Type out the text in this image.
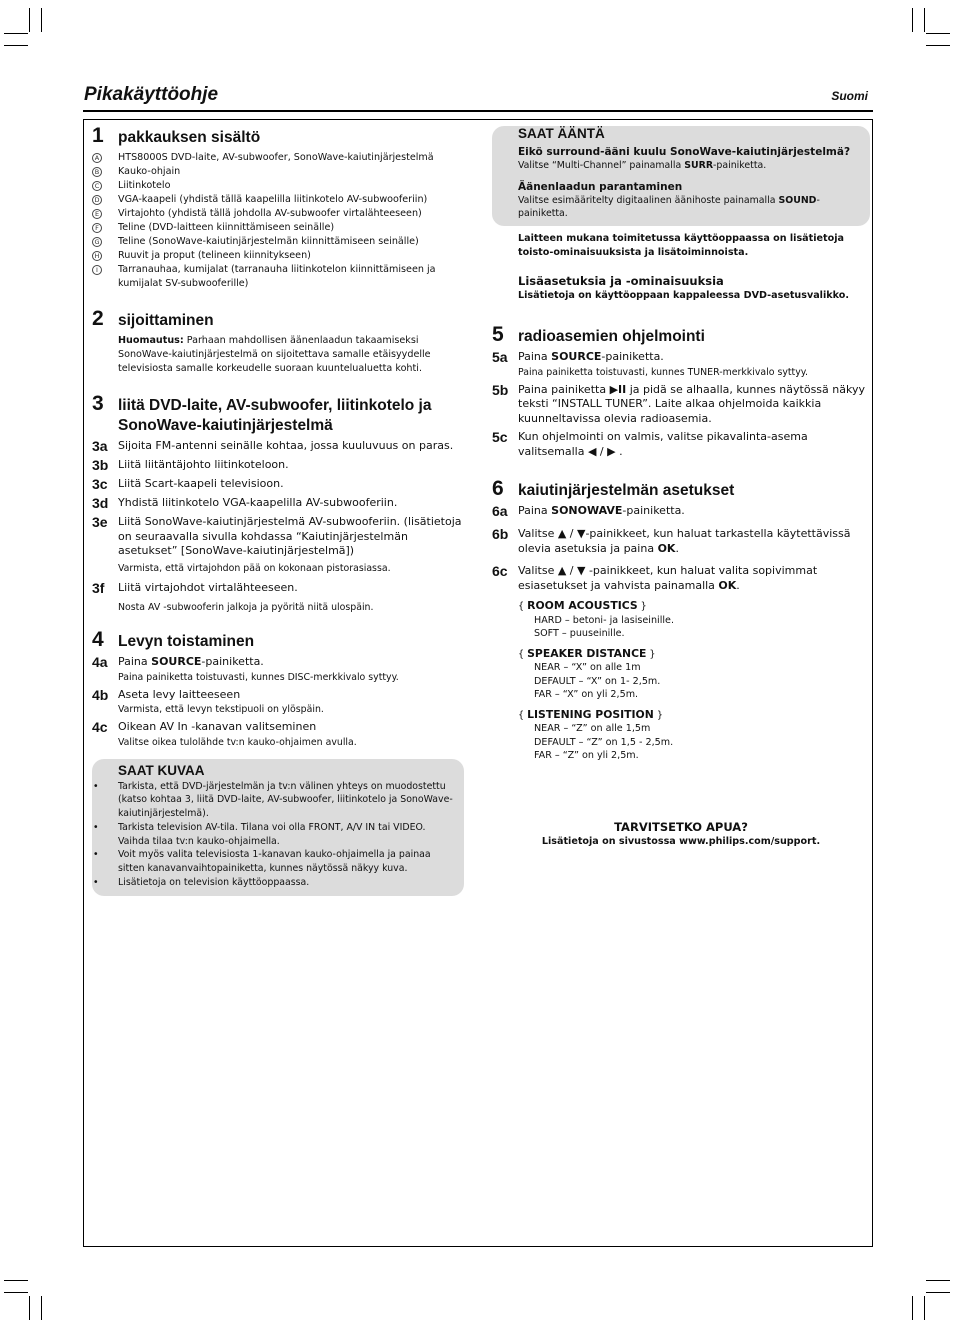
Pikakäyttöohje	Suomi
1 pakkauksen sisältö
A HTS8000S DVD-laite, AV-subwoofer, SonoWave-kaiutinjärjestelmä
B Kauko-ohjain
C Liitinkotelo
D VGA-kaapeli (yhdistä tällä kaapelilla liitinkotelo AV-subwooferiin)
E	Virtajohto (yhdistä tällä johdolla AV-subwoofer virtalähteeseen)
F	Teline (DVD-laitteen kiinnittämiseen seinälle)
G Teline (SonoWave-kaiutinjärjestelmän kiinnittämiseen seinälle)
H Ruuvit ja proput (telineen kiinnitykseen)
I	Tarranauhaa, kumijalat (tarranauha liitinkotelon kiinnittämiseen ja kumijalat SV-subwooferille)
2 sijoittaminen
Huomautus: Parhaan mahdollisen äänenlaadun takaamiseksi SonoWave-kaiutinjärjestelmä on sijoitettava samalle etäisyydelle televisiosta samalle korkeudelle suoraan kuuntelualuetta kohti.
3 liitä DVD-laite, AV-subwoofer, liitinkotelo ja SonoWave-kaiutinjärjestelmä
3a Sijoita FM-antenni seinälle kohtaa, jossa kuuluvuus on paras.
3b Liitä liitäntäjohto liitinkoteloon.
3c Liitä Scart-kaapeli televisioon.
3d Yhdistä liitinkotelo VGA-kaapelilla AV-subwooferiin.
3e Liitä SonoWave-kaiutinjärjestelmä AV-subwooferiin. (lisätietoja on seuraavalla sivulla kohdassa “Kaiutinjärjestelmän asetukset” [SonoWave-kaiutinjärjestelmä])
Varmista, että virtajohdon pää on kokonaan pistorasiassa.
3f	Liitä virtajohdot virtalähteeseen.
Nosta AV -subwooferin jalkoja ja pyöritä niitä ulospäin.
4 Levyn toistaminen
4a Paina SOURCE-painiketta.
Paina painiketta toistuvasti, kunnes DISC-merkkivalo syttyy.
4b Aseta levy laitteeseen
Varmista, että levyn tekstipuoli on ylöspäin.
4c Oikean AV In -kanavan valitseminen
Valitse oikea tulolähde tv:n kauko-ohjaimen avulla.
SAAT KUVAA
• Tarkista, että DVD-järjestelmän ja tv:n välinen yhteys on muodostettu (katso kohtaa 3, liitä DVD-laite, AV-subwoofer, liitinkotelo ja SonoWave-kaiutinjärjestelmä).
• Tarkista television AV-tila. Tilana voi olla FRONT, A/V IN tai VIDEO. Vaihda tilaa tv:n kauko-ohjaimella.
• Voit myös valita televisiosta 1-kanavan kauko-ohjaimella ja painaa sitten kanavanvaihtopainiketta, kunnes näytössä näkyy kuva.
• Lisätietoja on television käyttöoppaassa.
SAAT ÄÄNTÄ
Eikö surround-ääni kuulu SonoWave-kaiutinjärjestelmä?
Valitse “Multi-Channel” painamalla SURR-painiketta.
Äänenlaadun parantaminen
Valitse esimääritelty digitaalinen äänihoste painamalla SOUND-painiketta.
Laitteen mukana toimitetussa käyttöoppaassa on lisätietoja toisto-ominaisuuksista ja lisätoiminnoista.
Lisäasetuksia ja -ominaisuuksia
Lisätietoja on käyttöoppaan kappaleessa DVD-asetusvalikko.
5 radioasemien ohjelmointi
5a Paina SOURCE-painiketta.
Paina painiketta toistuvasti, kunnes TUNER-merkkivalo syttyy.
5b Paina painiketta ▶II ja pidä se alhaalla, kunnes näytössä näkyy teksti “INSTALL TUNER”. Laite alkaa ohjelmoida kaikkia kuunneltavissa olevia radioasemia.
5c Kun ohjelmointi on valmis, valitse pikavalinta-asema valitsemalla ◀ / ▶ .
6 kaiutinjärjestelmän asetukset
6a Paina SONOWAVE-painiketta.
6b Valitse ▲ / ▼-painikkeet, kun haluat tarkastella käytettävissä olevia asetuksia ja paina OK.
6c Valitse ▲ / ▼ -painikkeet, kun haluat valita sopivimmat esiasetukset ja vahvista painamalla OK.
{ ROOM ACOUSTICS }
HARD – betoni- ja lasiseinille.
SOFT – puuseinille.
{ SPEAKER DISTANCE }
NEAR – “X” on alle 1m
DEFAULT – “X” on 1- 2,5m.
FAR – “X” on yli 2,5m.
{ LISTENING POSITION }
NEAR – “Z” on alle 1,5m
DEFAULT – “Z” on 1,5 - 2,5m.
FAR – “Z” on yli 2,5m.
TARVITSETKO APUA?
Lisätietoja on sivustossa www.philips.com/support.
